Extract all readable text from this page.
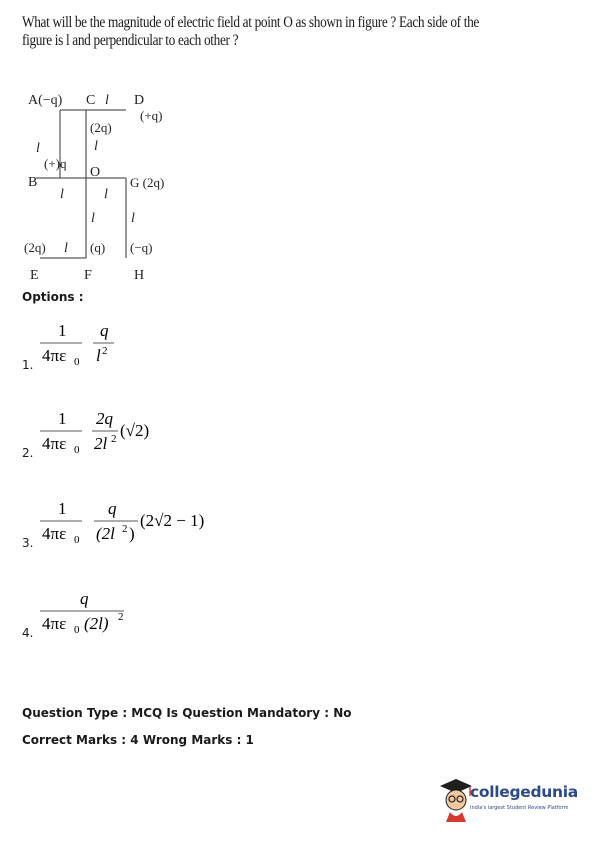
What will be the magnitude of electric field at point O as shown in figure ? Each side of the
figure is l and perpendicular to each other ?
A(−q) C l D
(+q)
(2q)
l
l
(+)q
O
B	G (2q)
l	l
l	l
(2q) l (q) (−q)
E	F	H
Options :
1.
1
4πε 0
q
l 2
2.
1
4πε 0
2q
2l 2 (√2)
3.
1
4πε 0
q
(2l 2 )
(2√2 − 1)
4.
q
4πε 0 (2l) 2
Question Type : MCQ Is Question Mandatory : No
Correct Marks : 4 Wrong Marks : 1
collegedunia
India's largest Student Review Platform
